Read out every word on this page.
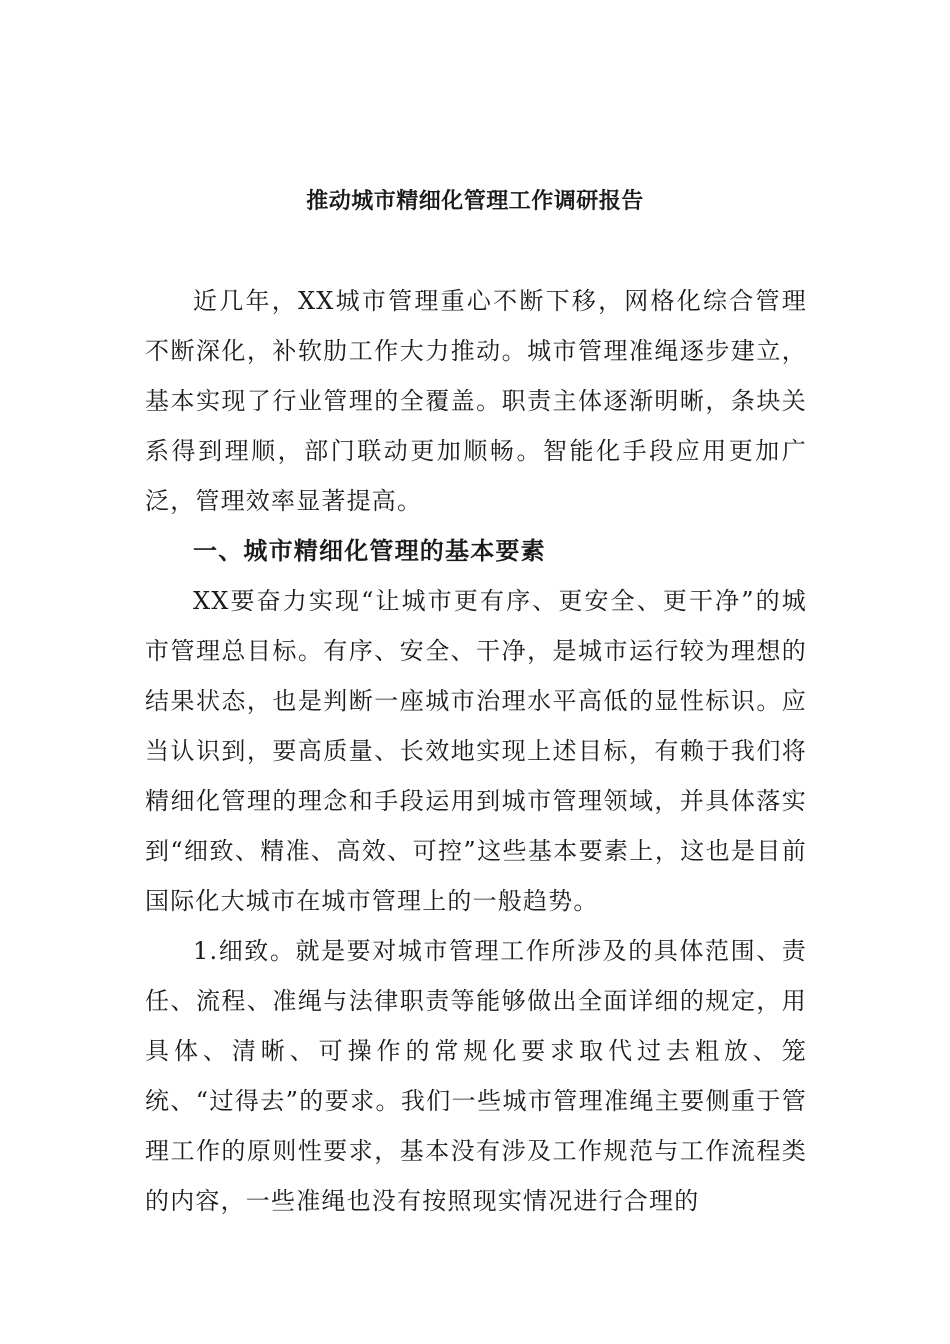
推动城市精细化管理工作调研报告

近几年，XX城市管理重心不断下移，网格化综合管理不断深化，补软肋工作大力推动。城市管理准绳逐步建立，基本实现了行业管理的全覆盖。职责主体逐渐明晰，条块关系得到理顺，部门联动更加顺畅。智能化手段应用更加广泛，管理效率显著提高。

一、城市精细化管理的基本要素

XX要奋力实现“让城市更有序、更安全、更干净”的城市管理总目标。有序、安全、干净，是城市运行较为理想的结果状态，也是判断一座城市治理水平高低的显性标识。应当认识到，要高质量、长效地实现上述目标，有赖于我们将精细化管理的理念和手段运用到城市管理领域，并具体落实到“细致、精准、高效、可控”这些基本要素上，这也是目前国际化大城市在城市管理上的一般趋势。

1.细致。就是要对城市管理工作所涉及的具体范围、责任、流程、准绳与法律职责等能够做出全面详细的规定，用具体、清晰、可操作的常规化要求取代过去粗放、笼统、“过得去”的要求。我们一些城市管理准绳主要侧重于管理工作的原则性要求，基本没有涉及工作规范与工作流程类的内容，一些准绳也没有按照现实情况进行合理的
